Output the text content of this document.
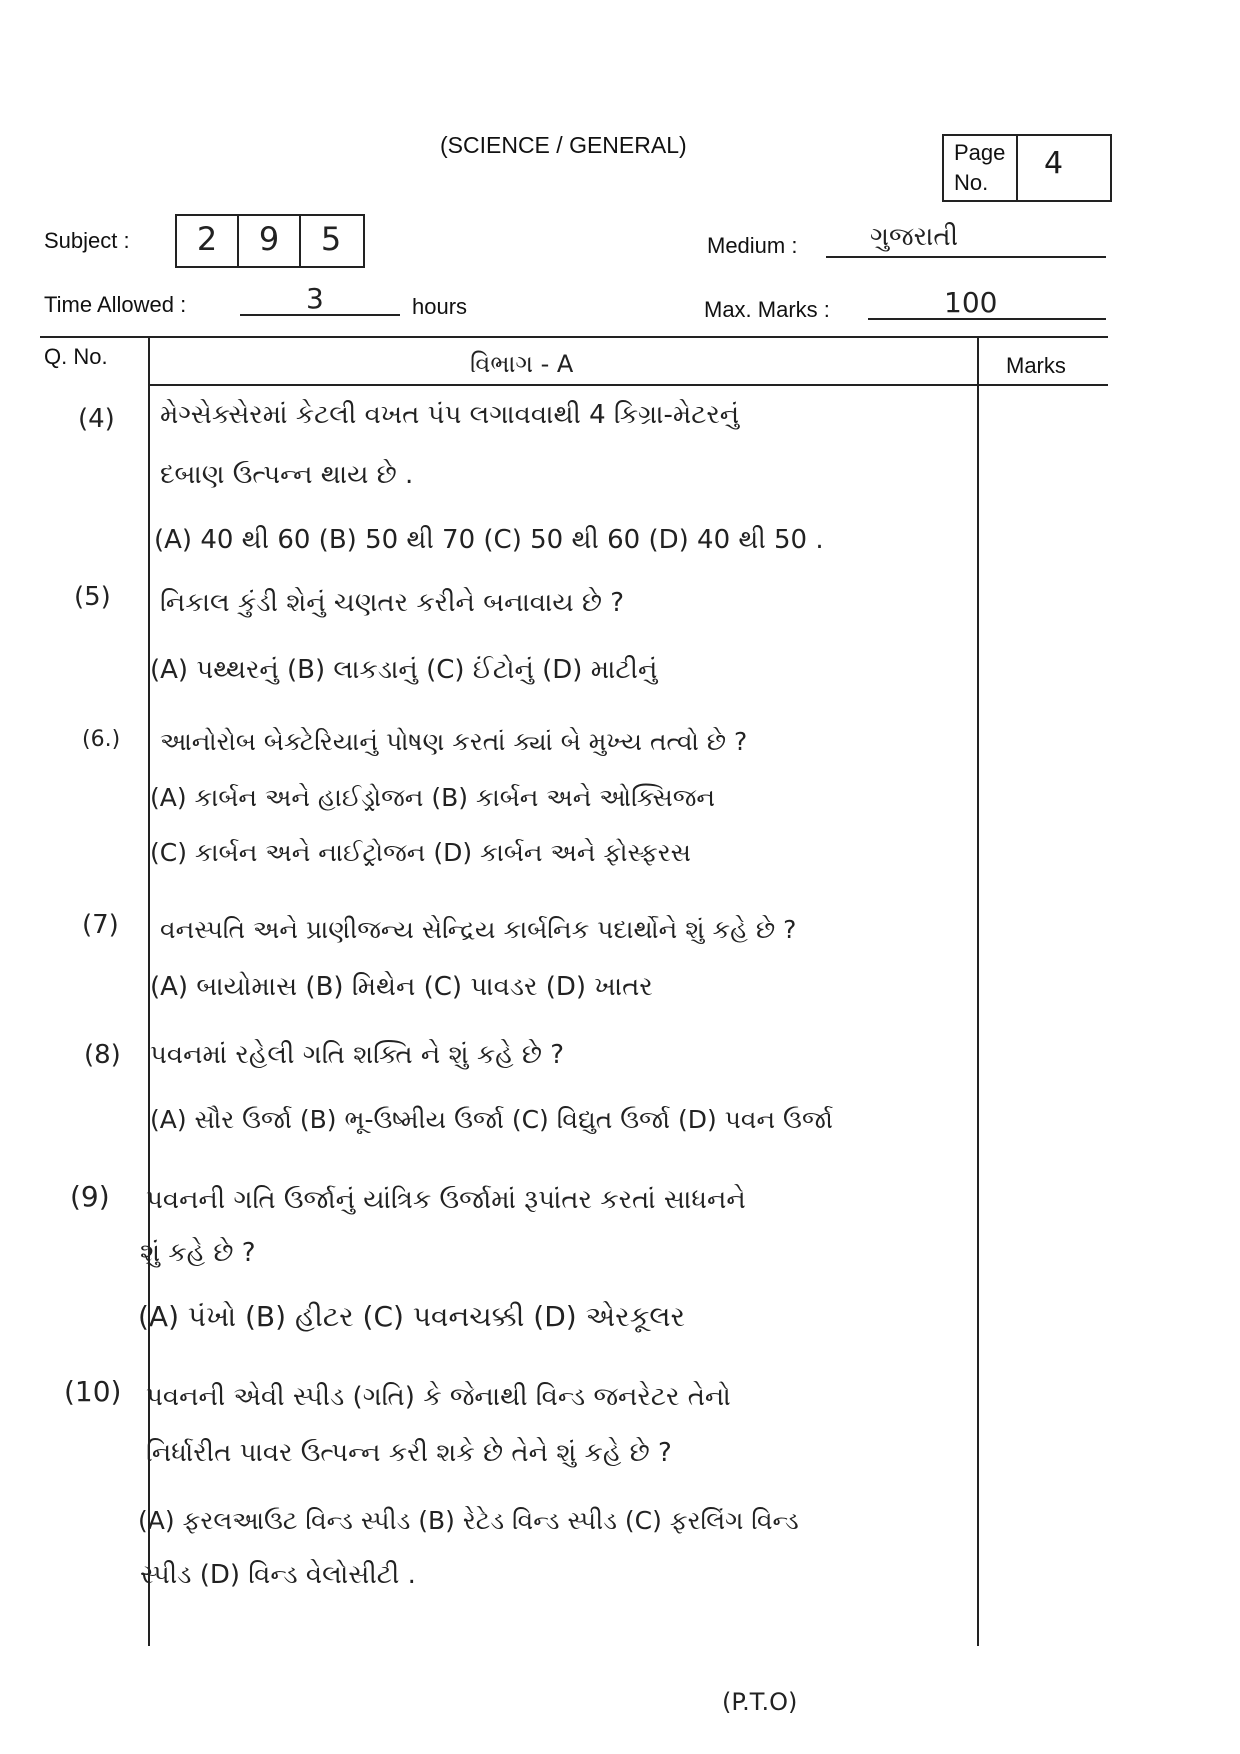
(SCIENCE / GENERAL)	Page
No.
4
Subject :	2	9	5	Medium :	ગુજરાતી
Time Allowed :	3	hours	Max. Marks :	100
Q. No.	વિભાગ - A	Marks
(4) મેગ્સેક્સેરમાં કેટલી વખત પંપ લગાવવાથી 4 કિગ્રા-મેટરનું
દબાણ ઉત્પન્ન થાય છે .
(A) 40 થી 60 (B) 50 થી 70 (C) 50 થી 60 (D) 40 થી 50 .
(5) નિકાલ કુંડી શેનું ચણતર કરીને બનાવાય છે ?
(A) પથ્થરનું (B) લાકડાનું (C) ઈંટોનું (D) માટીનું
(6.) આનોરોબ બેક્ટેરિયાનું પોષણ કરતાં ક્યાં બે મુખ્ય તત્વો છે ?
(A) કાર્બન અને હાઈડ્રોજન (B) કાર્બન અને ઓક્સિજન
(C) કાર્બન અને નાઈટ્રોજન (D) કાર્બન અને ફોસ્ફરસ
(7) વનસ્પતિ અને પ્રાણીજન્ય સેન્દ્રિય કાર્બનિક પદાર્થોને શું કહે છે ?
(A) બાયોમાસ (B) મિથેન (C) પાવડર (D) ખાતર
(8) પવનમાં રહેલી ગતિ શક્તિ ને શું કહે છે ?
(A) સૌર ઉર્જા (B) ભૂ-ઉષ્મીય ઉર્જા (C) વિદ્યુત ઉર્જા (D) પવન ઉર્જા
(9) પવનની ગતિ ઉર્જાનું યાંત્રિક ઉર્જામાં રૂપાંતર કરતાં સાધનને
શું કહે છે ?
(A) પંખો (B) હીટર (C) પવનચક્કી (D) એરકૂલર
(10) પવનની એવી સ્પીડ (ગતિ) કે જેનાથી વિન્ડ જનરેટર તેનો
નિર્ધારીત પાવર ઉત્પન્ન કરી શકે છે તેને શું કહે છે ?
(A) ફરલઆઉટ વિન્ડ સ્પીડ (B) રેટેડ વિન્ડ સ્પીડ (C) ફરલિંગ વિન્ડ
સ્પીડ (D) વિન્ડ વેલોસીટી .
(P.T.O)
